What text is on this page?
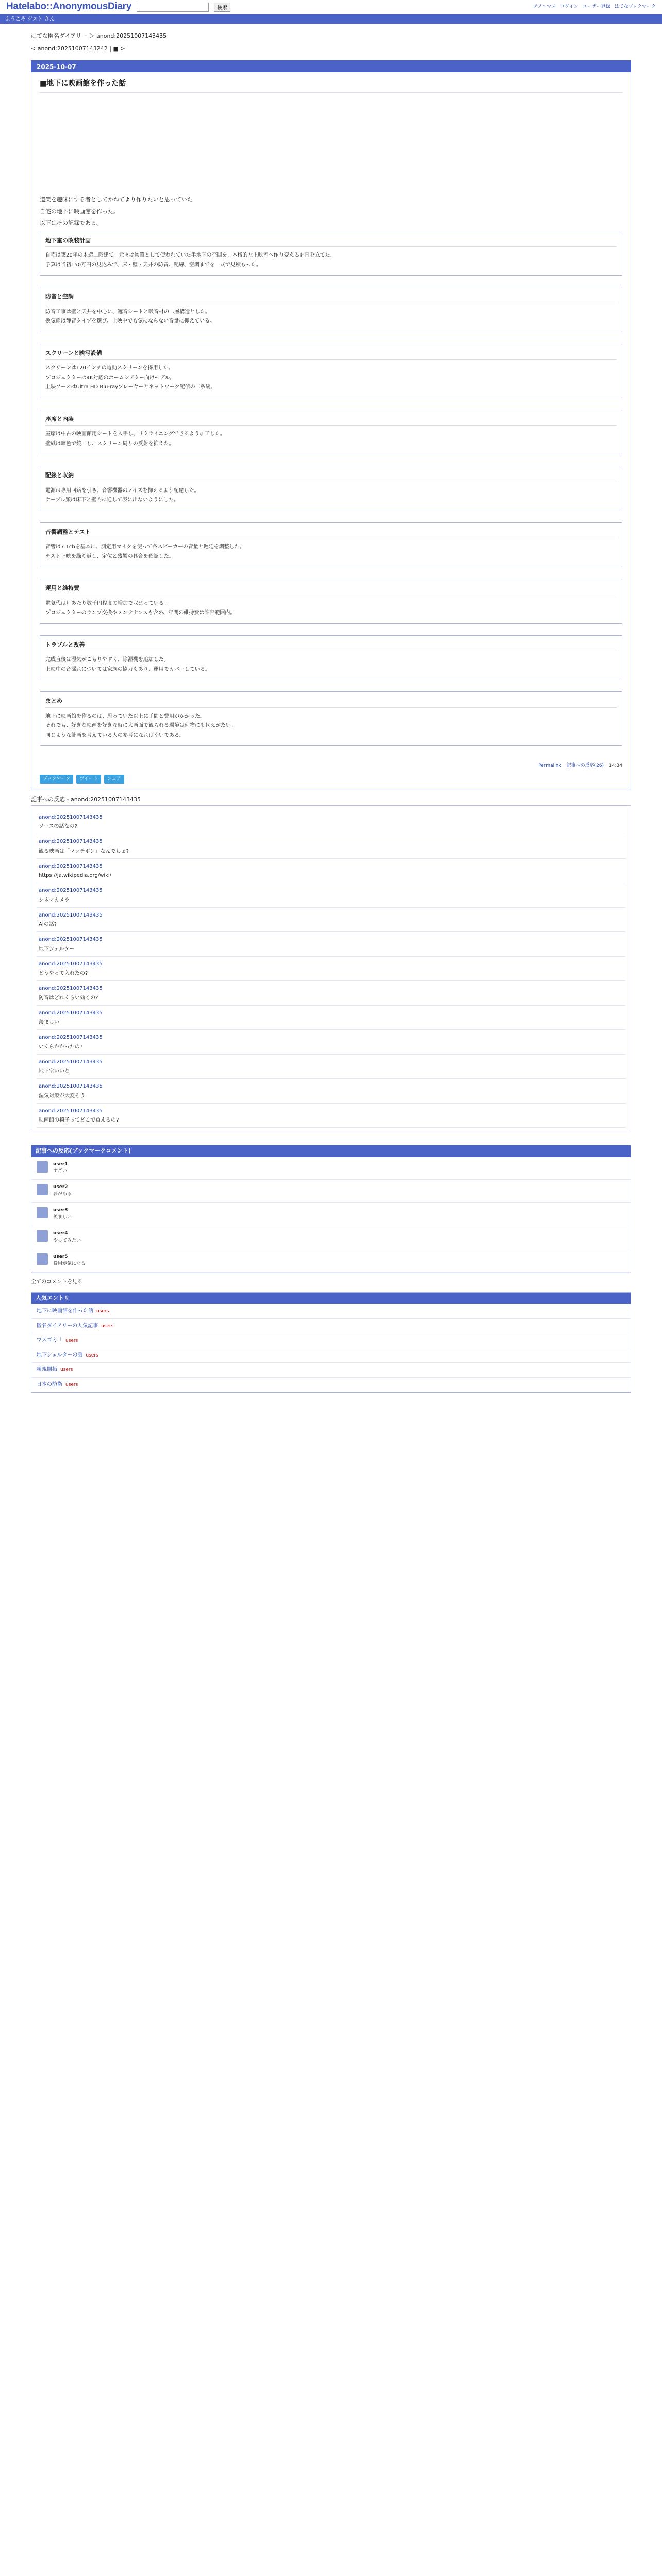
Hatelabo::AnonymousDiary	検索	アノニマス ログイン ユーザー登録 はてなブックマーク
ようこそ ゲスト さん
はてな匿名ダイアリー ＞ anond:20251007143435
< anond:20251007143242 | ■ >
2025-10-07
■地下に映画館を作った話

道楽を趣味にする者としてかねてより作りたいと思っていた

自宅の地下に映画館を作った。

以下はその記録である。

地下室の改装計画

自宅は築20年の木造二階建て。元々は物置として使われていた半地下の空間を、本格的な上映室へ作り変える計画を立てた。

予算は当初150万円の見込みで、床・壁・天井の防音、配線、空調までを一式で見積もった。

防音と空調

防音工事は壁と天井を中心に、遮音シートと吸音材の二層構造とした。

換気扇は静音タイプを選び、上映中でも気にならない音量に抑えている。

スクリーンと映写設備

スクリーンは120インチの電動スクリーンを採用した。

プロジェクターは4K対応のホームシアター向けモデル。

上映ソースはUltra HD Blu-rayプレーヤーとネットワーク配信の二系統。

座席と内装

座席は中古の映画館用シートを入手し、リクライニングできるよう加工した。

壁紙は暗色で統一し、スクリーン周りの反射を抑えた。

配線と収納

電源は専用回路を引き、音響機器のノイズを抑えるよう配慮した。

ケーブル類は床下と壁内に通して表に出ないようにした。

音響調整とテスト

音響は7.1chを基本に、測定用マイクを使って各スピーカーの音量と遅延を調整した。

テスト上映を繰り返し、定位と残響の具合を確認した。

運用と維持費

電気代は月あたり数千円程度の増加で収まっている。

プロジェクターのランプ交換やメンテナンスも含め、年間の維持費は許容範囲内。

トラブルと改善

完成直後は湿気がこもりやすく、除湿機を追加した。

上映中の音漏れについては家族の協力もあり、運用でカバーしている。

まとめ

地下に映画館を作るのは、思っていた以上に手間と費用がかかった。

それでも、好きな映画を好きな時に大画面で観られる環境は何物にも代えがたい。

同じような計画を考えている人の参考になれば幸いである。

Permalink 記事への反応(26) 14:34
ブックマーク	ツイート	シェア
記事への反応 - anond:20251007143435
anond:20251007143435
ソースの話なの?
anond:20251007143435
観る映画は「マッチポン」なんでしょ?
anond:20251007143435
https://ja.wikipedia.org/wiki/
anond:20251007143435
シネマカメラ
anond:20251007143435
AIの話?
anond:20251007143435
地下シェルター
anond:20251007143435
どうやって入れたの?
anond:20251007143435
防音はどれくらい効くの?
anond:20251007143435
羨ましい
anond:20251007143435
いくらかかったの?
anond:20251007143435
地下室いいな
anond:20251007143435
湿気対策が大変そう
anond:20251007143435
映画館の椅子ってどこで買えるの?
記事への反応(ブックマークコメント)
user1
すごい
user2
夢がある
user3
羨ましい
user4
やってみたい
user5
費用が気になる
全てのコメントを見る
人気エントリ
地下に映画館を作った話 users
匿名ダイアリーの人気記事 users
マスゴミ「 users
地下シェルターの話 users
新規開拓 users
日本の防衛 users
